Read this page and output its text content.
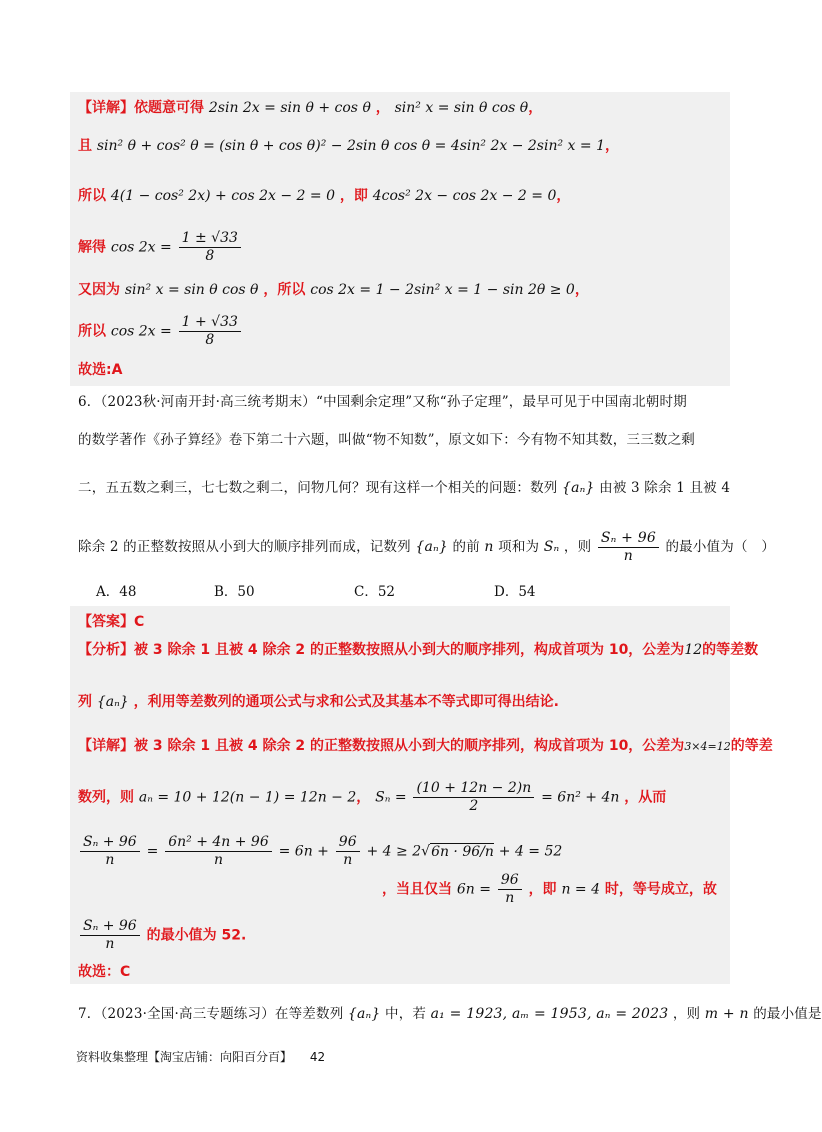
【详解】依题意可得 2sin 2x = sin θ + cos θ ， sin² x = sin θ cos θ，
且 sin² θ + cos² θ = (sin θ + cos θ)² − 2sin θ cos θ = 4sin² 2x − 2sin² x = 1，
所以 4(1 − cos² 2x) + cos 2x − 2 = 0 ，即 4cos² 2x − cos 2x − 2 = 0，
解得 $\cos 2x = \frac{1 \pm √33}{8}$
又因为 sin² x = sin θ cos θ ，所以 cos 2x = 1 − 2sin² x = 1 − sin 2θ ≥ 0，
所以 $\cos 2x = \frac{1 + √33}{8}$
故选:A
6．（2023秋·河南开封·高三统考期末）“中国剩余定理”又称“孙子定理”，最早可见于中国南北朝时期
的数学著作《孙子算经》卷下第二十六题，叫做“物不知数”，原文如下：今有物不知其数，三三数之剩
二，五五数之剩三，七七数之剩二，问物几何？现有这样一个相关的问题：数列 {aₙ} 由被 3 除余 1 且被 4
除余 2 的正整数按照从小到大的顺序排列而成，记数列 {aₙ} 的前 n 项和为 Sₙ ，则 $\frac{\text{Sₙ + 96}}{n}$ 的最小值为（　）
A．48	B．50	C．52	D．54
【答案】C
【分析】被 3 除余 1 且被 4 除余 2 的正整数按照从小到大的顺序排列，构成首项为 10，公差为12的等差数
列 {aₙ} ，利用等差数列的通项公式与求和公式及其基本不等式即可得出结论.
【详解】被 3 除余 1 且被 4 除余 2 的正整数按照从小到大的顺序排列，构成首项为 10，公差为3×4=12的等差
数列，则 aₙ = 10 + 12(n − 1) = 12n − 2， $S_n = \frac{(10 + 12n - 2)n}{2} = 6n^2 + 4n$ ，从而
$\frac{\text{Sₙ + 96}}{n} = \frac{\text{6n² + 4n + 96}}{n} = 6n + \frac{96}{n} + 4 \ge 2√6n \cdot 96/n + 4 = 52$
，当且仅当 $6n = \frac{96}{n}$ ，即 n = 4 时，等号成立，故
$\frac{\text{Sₙ + 96}}{n}$ 的最小值为 52.
故选：C
7．（2023·全国·高三专题练习）在等差数列 {aₙ} 中，若 a₁ = 1923, aₘ = 1953, aₙ = 2023 ，则 m + n 的最小值是
资料收集整理【淘宝店铺：向阳百分百】 42
